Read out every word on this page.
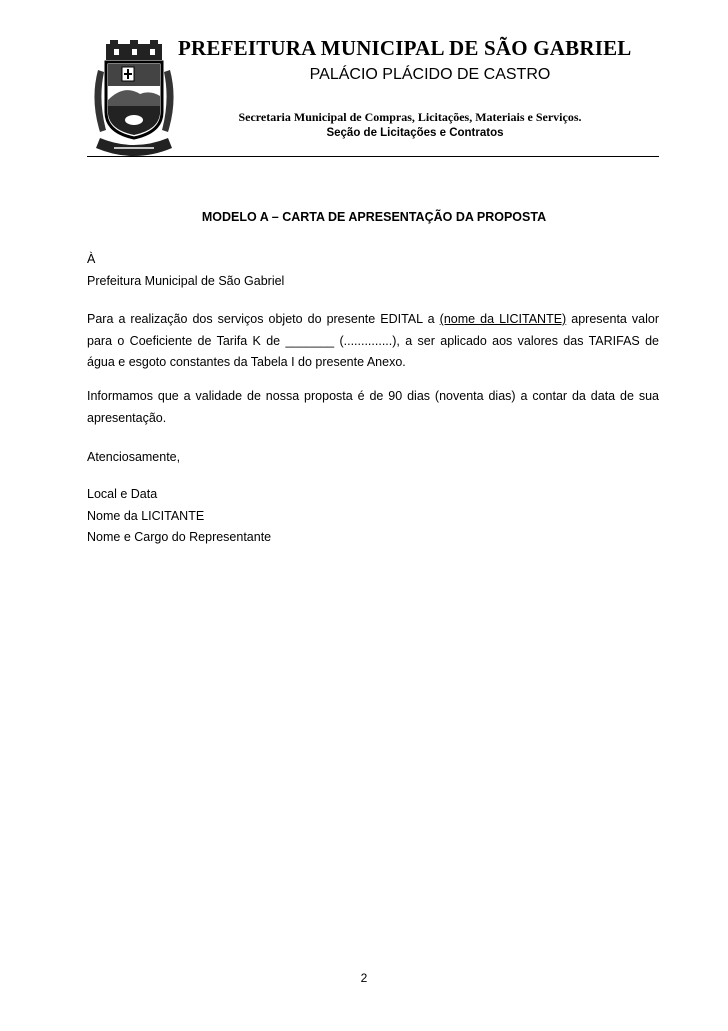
PREFEITURA MUNICIPAL DE SÃO GABRIEL
PALÁCIO PLÁCIDO DE CASTRO
Secretaria Municipal de Compras, Licitações, Materiais e Serviços.
Seção de Licitações e Contratos
MODELO A – CARTA DE APRESENTAÇÃO DA PROPOSTA
À
Prefeitura Municipal de São Gabriel
Para a realização dos serviços objeto do presente EDITAL a (nome da LICITANTE) apresenta valor para o Coeficiente de Tarifa K de _______ (..............), a ser aplicado aos valores das TARIFAS de água e esgoto constantes da Tabela I do presente Anexo.
Informamos que a validade de nossa proposta é de 90 dias (noventa dias) a contar da data de sua apresentação.
Atenciosamente,
Local e Data
Nome da LICITANTE
Nome e Cargo do Representante
2
